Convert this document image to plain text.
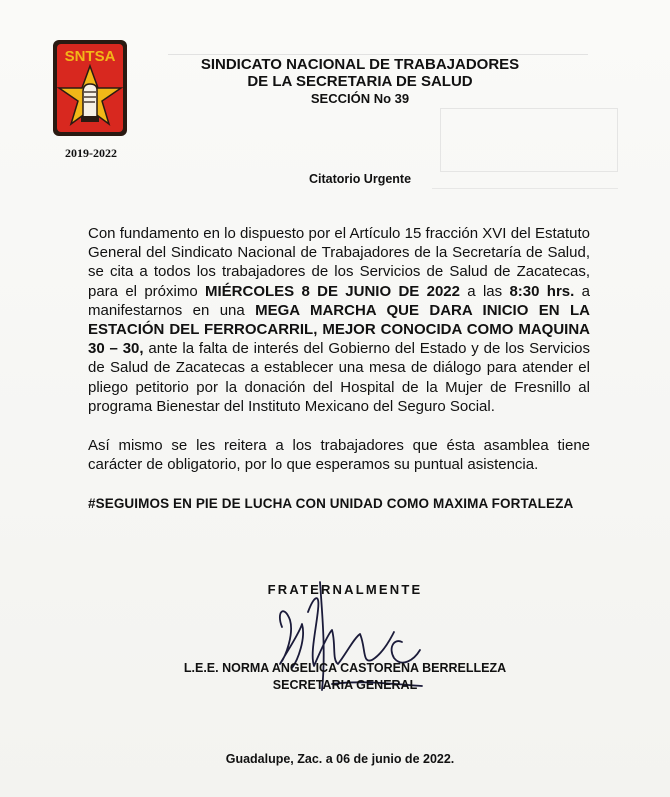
SNTSA
2019-2022
SINDICATO NACIONAL DE TRABAJADORES
DE LA SECRETARIA DE SALUD
SECCIÓN No 39
Citatorio Urgente

Con fundamento en lo dispuesto por el Artículo 15 fracción XVI del Estatuto General del Sindicato Nacional de Trabajadores de la Secretaría de Salud, se cita a todos los trabajadores de los Servicios de Salud de Zacatecas, para el próximo MIÉRCOLES 8 DE JUNIO DE 2022 a las 8:30 hrs. a manifestarnos en una MEGA MARCHA QUE DARA INICIO EN LA ESTACIÓN DEL FERROCARRIL, MEJOR CONOCIDA COMO MAQUINA 30 – 30, ante la falta de interés del Gobierno del Estado y de los Servicios de Salud de Zacatecas a establecer una mesa de diálogo para atender el pliego petitorio por la donación del Hospital de la Mujer de Fresnillo al programa Bienestar del Instituto Mexicano del Seguro Social.

Así mismo se les reitera a los trabajadores que ésta asamblea tiene carácter de obligatorio, por lo que esperamos su puntual asistencia.

#SEGUIMOS EN PIE DE LUCHA CON UNIDAD COMO MAXIMA FORTALEZA

FRATERNALMENTE
L.E.E. NORMA ANGELICA CASTORENA BERRELLEZA
SECRETARIA GENERAL
Guadalupe, Zac. a 06 de junio de 2022.
